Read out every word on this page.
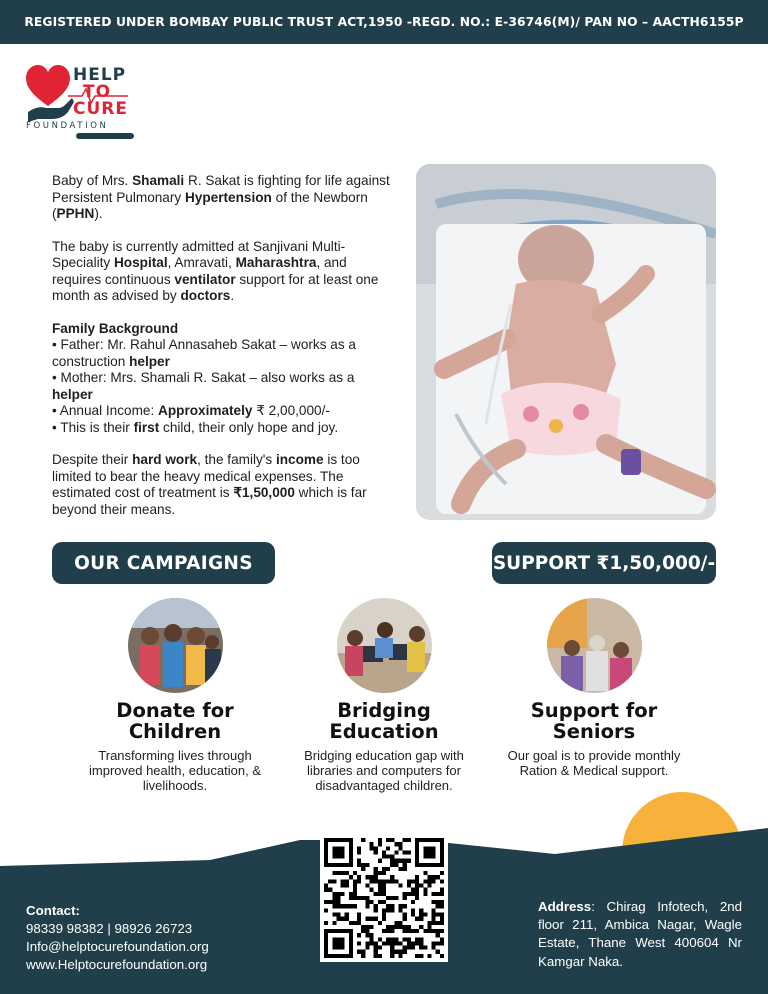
REGISTERED UNDER BOMBAY PUBLIC TRUST ACT,1950 -REGD. NO.: E-36746(M)/ PAN NO – AACTH6155P
HELP
TO
CURE
FOUNDATION

Baby of Mrs. Shamali R. Sakat is fighting for life against Persistent Pulmonary Hypertension of the Newborn (PPHN).

The baby is currently admitted at Sanjivani Multi-Speciality Hospital, Amravati, Maharashtra, and requires continuous ventilator support for at least one month as advised by doctors.

Family Background
• Father: Mr. Rahul Annasaheb Sakat – works as a construction helper
• Mother: Mrs. Shamali R. Sakat – also works as a helper
• Annual Income: Approximately ₹ 2,00,000/-
• This is their first child, their only hope and joy.

Despite their hard work, the family's income is too limited to bear the heavy medical expenses. The estimated cost of treatment is ₹1,50,000 which is far beyond their means.

OUR CAMPAIGNS	SUPPORT ₹1,50,000/-
Donate for Children
Transforming lives through improved health, education, & livelihoods.
Bridging Education
Bridging education gap with libraries and computers for disadvantaged children.
Support for Seniors
Our goal is to provide monthly Ration & Medical support.
Contact:
98339 98382 | 98926 26723
Info@helptocurefoundation.org
www.Helptocurefoundation.org
Address: Chirag Infotech, 2nd floor 211, Ambica Nagar, Wagle Estate, Thane West 400604 Nr Kamgar Naka.
